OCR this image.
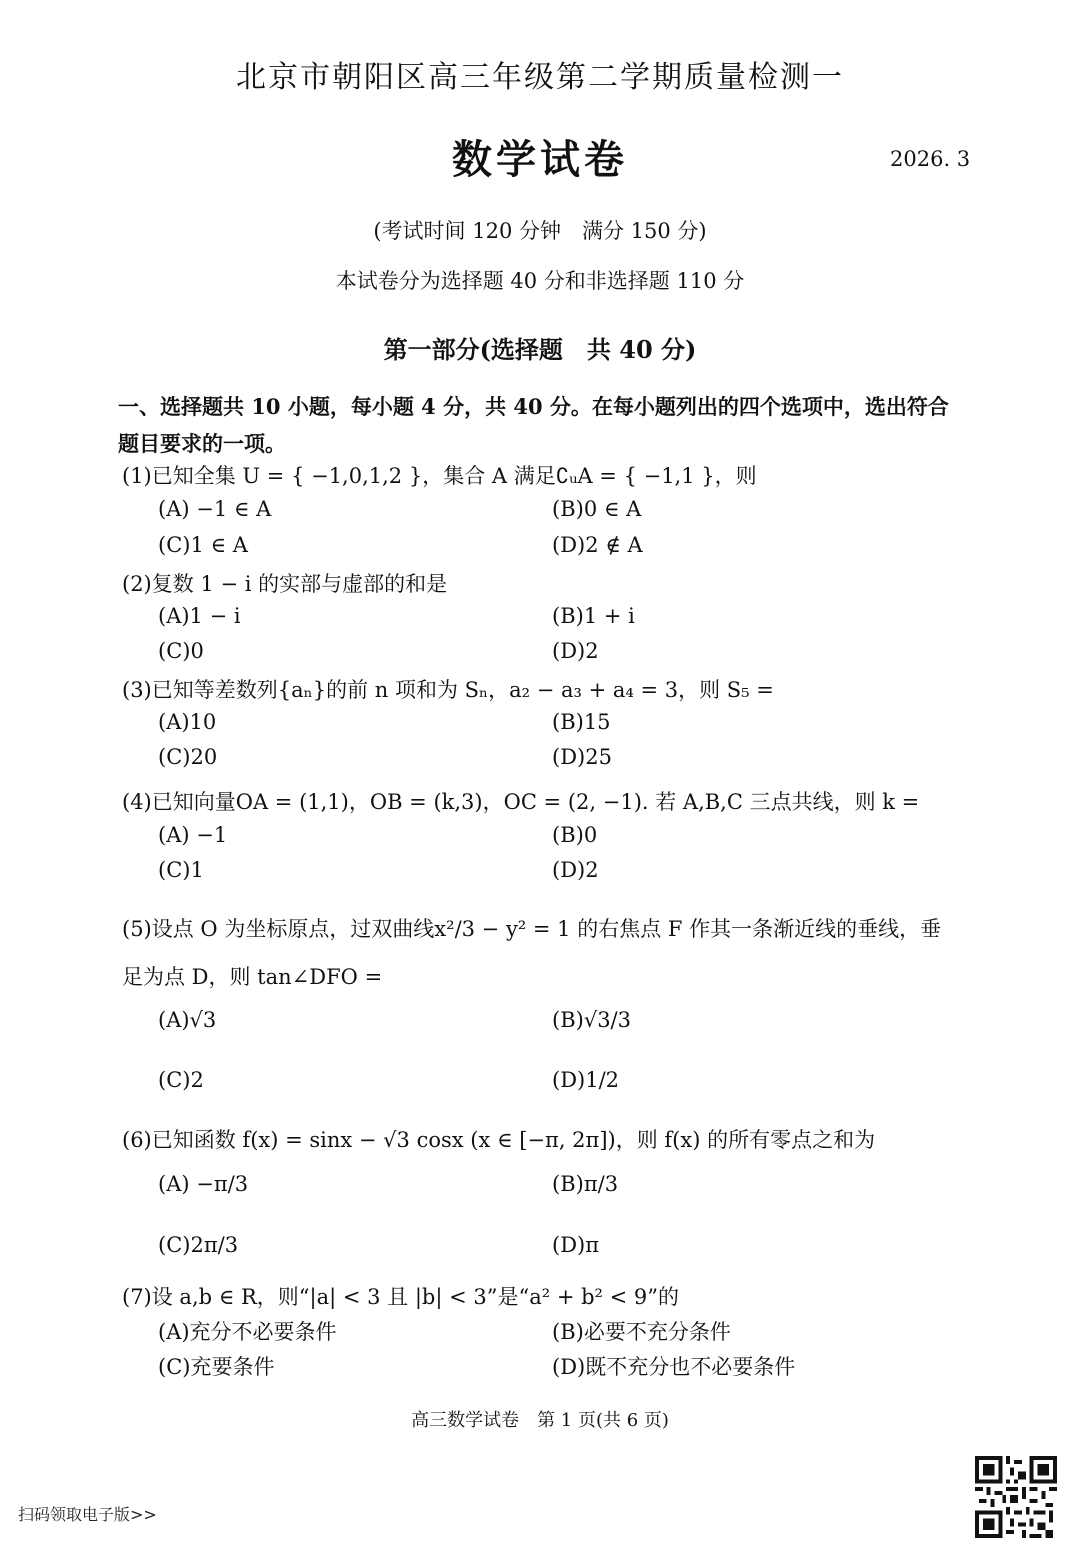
北京市朝阳区高三年级第二学期质量检测一
数学试卷	2026. 3
(考试时间 120 分钟　满分 150 分)
本试卷分为选择题 40 分和非选择题 110 分
第一部分(选择题　共 40 分)
一、选择题共 10 小题，每小题 4 分，共 40 分。在每小题列出的四个选项中，选出符合题目要求的一项。
(1)已知全集 U = { −1,0,1,2 }，集合 A 满足∁ᵤA = { −1,1 }，则
(A) −1 ∈ A	(B)0 ∈ A
(C)1 ∈ A	(D)2 ∉ A
(2)复数 1 − i 的实部与虚部的和是
(A)1 − i	(B)1 + i
(C)0	(D)2
(3)已知等差数列{aₙ}的前 n 项和为 Sₙ，a₂ − a₃ + a₄ = 3，则 S₅ =
(A)10	(B)15
(C)20	(D)25
(4)已知向量OA = (1,1)，OB = (k,3)，OC = (2, −1). 若 A,B,C 三点共线，则 k =
(A) −1	(B)0
(C)1	(D)2
(5)设点 O 为坐标原点，过双曲线x²/3 − y² = 1 的右焦点 F 作其一条渐近线的垂线，垂足为点 D，则 tan∠DFO =
(A)√3	(B)√3/3
(C)2	(D)1/2
(6)已知函数 f(x) = sinx − √3 cosx (x ∈ [−π, 2π])，则 f(x) 的所有零点之和为
(A) −π/3	(B)π/3
(C)2π/3	(D)π
(7)设 a,b ∈ R，则“|a| < 3 且 |b| < 3”是“a² + b² < 9”的
(A)充分不必要条件	(B)必要不充分条件
(C)充要条件	(D)既不充分也不必要条件
高三数学试卷　第 1 页(共 6 页)
扫码领取电子版>>
